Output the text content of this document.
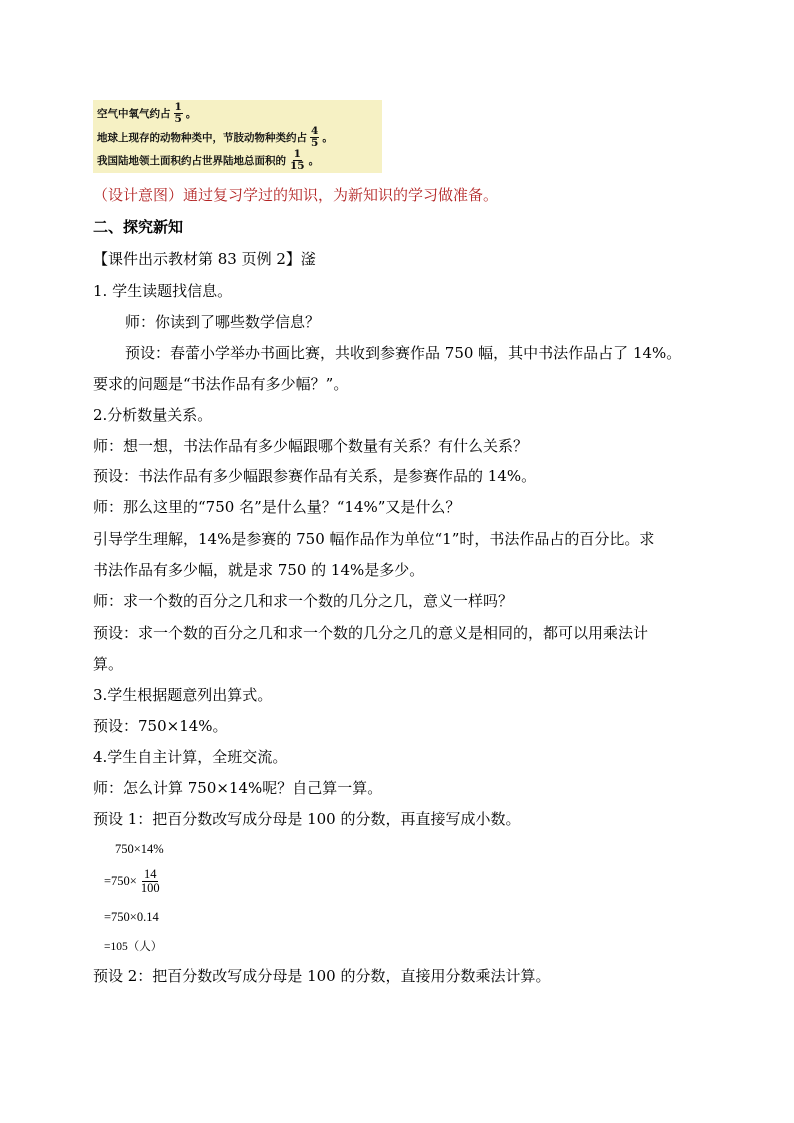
空气中氧气约占 $\frac{1}{5}$ 。
地球上现存的动物种类中，节肢动物种类约占 $\frac{4}{5}$ 。
我国陆地领土面积约占世界陆地总面积的 $\frac{1}{15}$ 。
（设计意图）通过复习学过的知识，为新知识的学习做准备。
二、探究新知
【课件出示教材第 83 页例 2】滏
1. 学生读题找信息。
师：你读到了哪些数学信息？
预设：春蕾小学举办书画比赛，共收到参赛作品 750 幅，其中书法作品占了 14%。
要求的问题是“书法作品有多少幅？”。
2.分析数量关系。
师：想一想，书法作品有多少幅跟哪个数量有关系？有什么关系？
预设：书法作品有多少幅跟参赛作品有关系，是参赛作品的 14%。
师：那么这里的“750 名”是什么量？“14%”又是什么？
引导学生理解，14%是参赛的 750 幅作品作为单位“1”时，书法作品占的百分比。求
书法作品有多少幅，就是求 750 的 14%是多少。
师：求一个数的百分之几和求一个数的几分之几，意义一样吗？
预设：求一个数的百分之几和求一个数的几分之几的意义是相同的，都可以用乘法计
算。
3.学生根据题意列出算式。
预设：750×14%。
4.学生自主计算，全班交流。
师：怎么计算 750×14%呢？自己算一算。
预设 1：把百分数改写成分母是 100 的分数，再直接写成小数。
750×14%
$=750\times \frac{14}{100}$
=750×0.14
=105（人）
预设 2：把百分数改写成分母是 100 的分数，直接用分数乘法计算。
